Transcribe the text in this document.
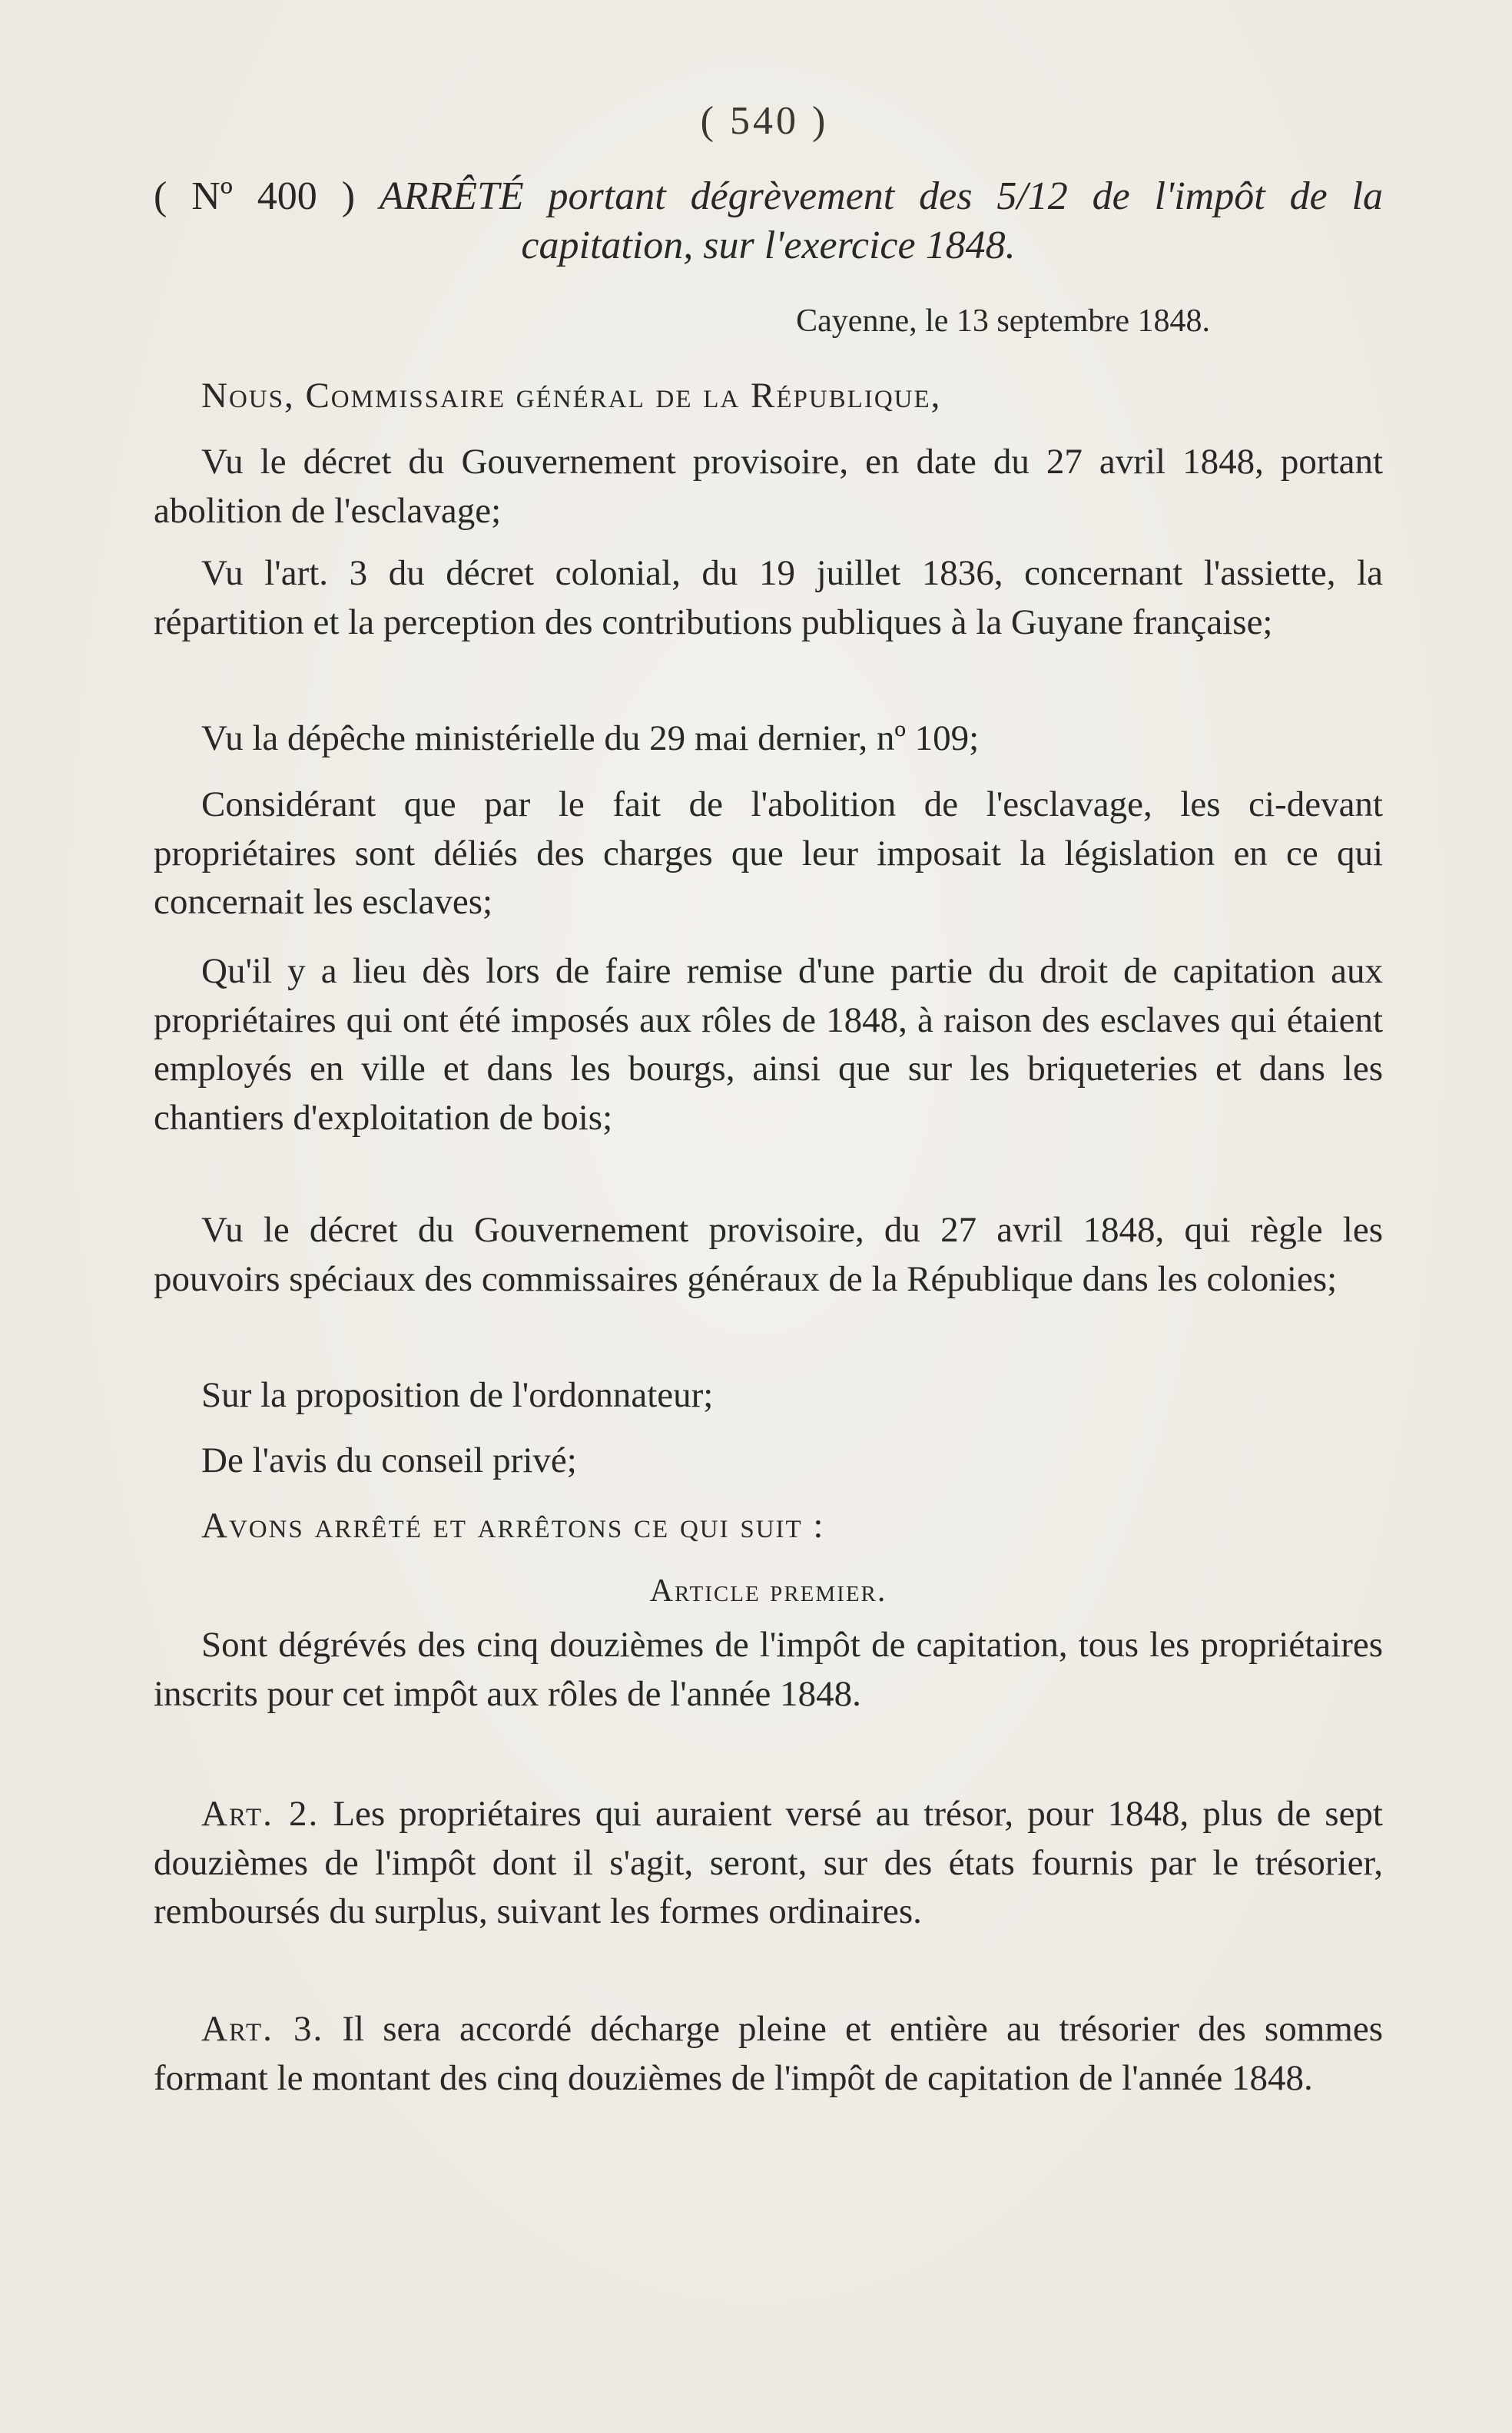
( 540 )
( Nº 400 ) ARRÊTÉ portant dégrèvement des 5/12 de l'impôt de la capitation, sur l'exercice 1848.
Cayenne, le 13 septembre 1848.
Nous, Commissaire général de la République,
Vu le décret du Gouvernement provisoire, en date du 27 avril 1848, portant abolition de l'esclavage;
Vu l'art. 3 du décret colonial, du 19 juillet 1836, concernant l'assiette, la répartition et la perception des contributions publiques à la Guyane française;
Vu la dépêche ministérielle du 29 mai dernier, nº 109;
Considérant que par le fait de l'abolition de l'esclavage, les ci-devant propriétaires sont déliés des charges que leur imposait la législation en ce qui concernait les esclaves;
Qu'il y a lieu dès lors de faire remise d'une partie du droit de capitation aux propriétaires qui ont été imposés aux rôles de 1848, à raison des esclaves qui étaient employés en ville et dans les bourgs, ainsi que sur les briqueteries et dans les chantiers d'exploitation de bois;
Vu le décret du Gouvernement provisoire, du 27 avril 1848, qui règle les pouvoirs spéciaux des commissaires généraux de la République dans les colonies;
Sur la proposition de l'ordonnateur;
De l'avis du conseil privé;
Avons arrêté et arrêtons ce qui suit :
Article premier.
Sont dégrévés des cinq douzièmes de l'impôt de capitation, tous les propriétaires inscrits pour cet impôt aux rôles de l'année 1848.
Art. 2. Les propriétaires qui auraient versé au trésor, pour 1848, plus de sept douzièmes de l'impôt dont il s'agit, seront, sur des états fournis par le trésorier, remboursés du surplus, suivant les formes ordinaires.
Art. 3. Il sera accordé décharge pleine et entière au trésorier des sommes formant le montant des cinq douzièmes de l'impôt de capitation de l'année 1848.
